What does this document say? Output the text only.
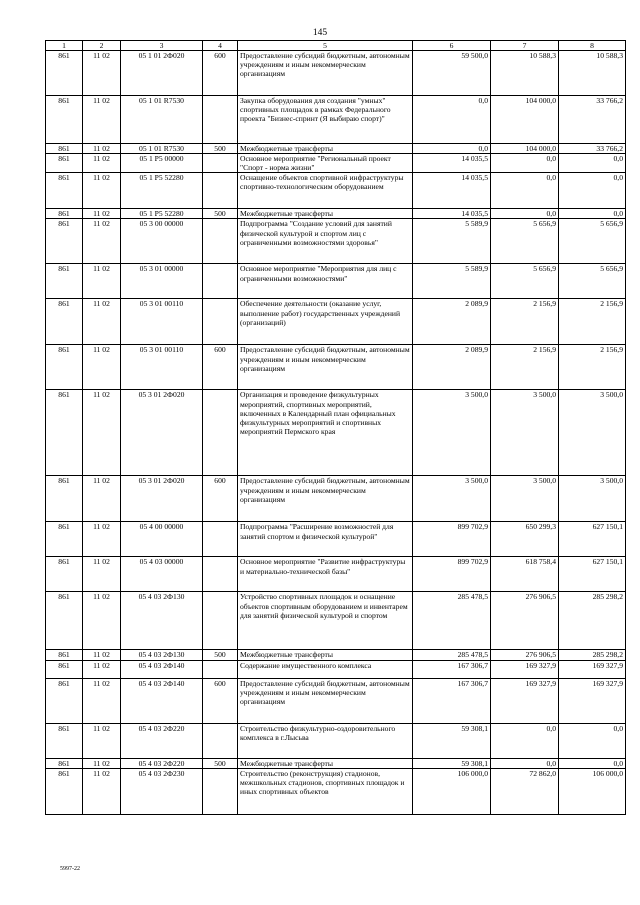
145
1	2	3	4	5	6	7	8
861	11 02	05 1 01 2Ф020	600	Предоставление субсидий бюджетным, автономным учреждениям и иным некоммерческим организациям	59 500,0	10 588,3	10 588,3
861	11 02	05 1 01 R7530		Закупка оборудования для создания "умных" спортивных площадок в рамках Федерального проекта "Бизнес-спринт (Я выбираю спорт)"	0,0	104 000,0	33 766,2
861	11 02	05 1 01 R7530	500	Межбюджетные трансферты	0,0	104 000,0	33 766,2
861	11 02	05 1 P5 00000		Основное мероприятие "Региональный проект "Спорт - норма жизни"	14 035,5	0,0	0,0
861	11 02	05 1 P5 52280		Оснащение объектов спортивной инфраструктуры спортивно-технологическим оборудованием	14 035,5	0,0	0,0
861	11 02	05 1 P5 52280	500	Межбюджетные трансферты	14 035,5	0,0	0,0
861	11 02	05 3 00 00000		Подпрограмма "Создание условий для занятий физической культурой и спортом лиц с ограниченными возможностями здоровья"	5 589,9	5 656,9	5 656,9
861	11 02	05 3 01 00000		Основное мероприятие "Мероприятия для лиц с ограниченными возможностями"	5 589,9	5 656,9	5 656,9
861	11 02	05 3 01 00110		Обеспечение деятельности (оказание услуг, выполнение работ) государственных учреждений (организаций)	2 089,9	2 156,9	2 156,9
861	11 02	05 3 01 00110	600	Предоставление субсидий бюджетным, автономным учреждениям и иным некоммерческим организациям	2 089,9	2 156,9	2 156,9
861	11 02	05 3 01 2Ф020		Организация и проведение физкультурных мероприятий, спортивных мероприятий, включенных в Календарный план официальных физкультурных мероприятий и спортивных мероприятий Пермского края	3 500,0	3 500,0	3 500,0
861	11 02	05 3 01 2Ф020	600	Предоставление субсидий бюджетным, автономным учреждениям и иным некоммерческим организациям	3 500,0	3 500,0	3 500,0
861	11 02	05 4 00 00000		Подпрограмма "Расширение возможностей для занятий спортом и физической культурой"	899 702,9	650 299,3	627 150,1
861	11 02	05 4 03 00000		Основное мероприятие "Развитие инфраструктуры и материально-технической базы"	899 702,9	618 758,4	627 150,1
861	11 02	05 4 03 2Ф130		Устройство спортивных площадок и оснащение объектов спортивным оборудованием и инвентарем для занятий физической культурой и спортом	285 478,5	276 906,5	285 298,2
861	11 02	05 4 03 2Ф130	500	Межбюджетные трансферты	285 478,5	276 906,5	285 298,2
861	11 02	05 4 03 2Ф140		Содержание имущественного комплекса	167 306,7	169 327,9	169 327,9
861	11 02	05 4 03 2Ф140	600	Предоставление субсидий бюджетным, автономным учреждениям и иным некоммерческим организациям	167 306,7	169 327,9	169 327,9
861	11 02	05 4 03 2Ф220		Строительство физкультурно-оздоровительного комплекса в г.Лысьва	59 308,1	0,0	0,0
861	11 02	05 4 03 2Ф220	500	Межбюджетные трансферты	59 308,1	0,0	0,0
861	11 02	05 4 03 2Ф230		Строительство (реконструкция) стадионов, межшкольных стадионов, спортивных площадок и иных спортивных объектов	106 000,0	72 862,0	106 000,0
5997-22
